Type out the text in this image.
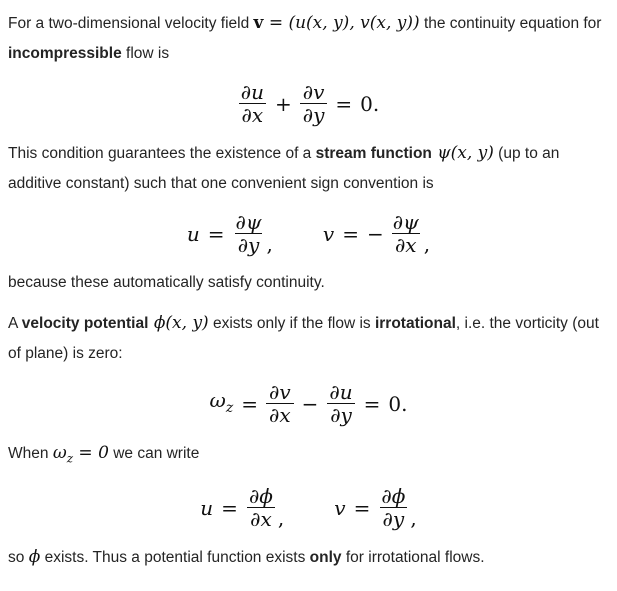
For a two-dimensional velocity field v = (u(x, y), v(x, y)) the continuity equation for incompressible flow is

$\frac{\partial u}{\partial x} + \frac{\partial v}{\partial y} = 0$.

This condition guarantees the existence of a stream function ψ(x, y) (up to an additive constant) such that one convenient sign convention is

$u = \frac{\partial\psi}{\partial y}$ ,	v = − $\frac{\partial\psi}{\partial x}$ ,

because these automatically satisfy continuity.

A velocity potential ϕ(x, y) exists only if the flow is irrotational, i.e. the vorticity (out of plane) is zero:

$\omega_z = \frac{\partial v}{\partial x} - \frac{\partial u}{\partial y} = 0$.

When $\omega_z = 0$ we can write

$u = \frac{\partial\phi}{\partial x}$ ,	$v = \frac{\partial\phi}{\partial y}$ ,

so ϕ exists. Thus a potential function exists only for irrotational flows.
